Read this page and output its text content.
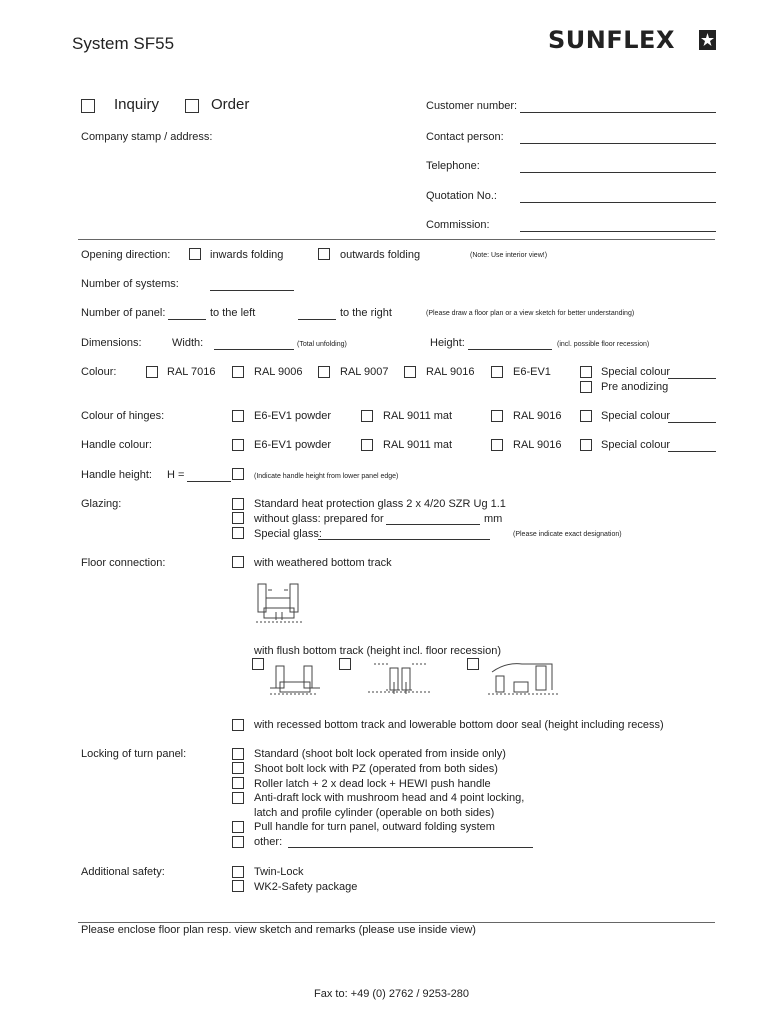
System SF55	SUNFLEX
Inquiry	Order
Company stamp / address:
Customer number:
Contact person:
Telephone:
Quotation No.:
Commission:
Opening direction:	inwards folding	outwards folding	(Note: Use interior view!)
Number of systems:
Number of panel:	to the left	to the right	(Please draw a floor plan or a view sketch for better understanding)
Dimensions:	Width:	(Total unfolding)	Height:	(incl. possible floor recession)
Colour:	RAL 7016	RAL 9006	RAL 9007	RAL 9016	E6-EV1	Special colour
Pre anodizing
Colour of hinges:	E6-EV1 powder	RAL 9011 mat	RAL 9016	Special colour
Handle colour:	E6-EV1 powder	RAL 9011 mat	RAL 9016	Special colour
Handle height: H =	(Indicate handle height from lower panel edge)
Glazing:	Standard heat protection glass 2 x 4/20 SZR Ug 1.1
without glass: prepared for	mm
Special glass:	(Please indicate exact designation)
Floor connection:	with weathered bottom track
with flush bottom track (height incl. floor recession)
with recessed bottom track and lowerable bottom door seal (height including recess)
Locking of turn panel:	Standard (shoot bolt lock operated from inside only)
Shoot bolt lock with PZ (operated from both sides)
Roller latch + 2 x dead lock + HEWI push handle
Anti-draft lock with mushroom head and 4 point locking,
latch and profile cylinder (operable on both sides)
Pull handle for turn panel, outward folding system
other:
Additional safety:	Twin-Lock
WK2-Safety package
Please enclose floor plan resp. view sketch and remarks (please use inside view)
Fax to: +49 (0) 2762 / 9253-280
